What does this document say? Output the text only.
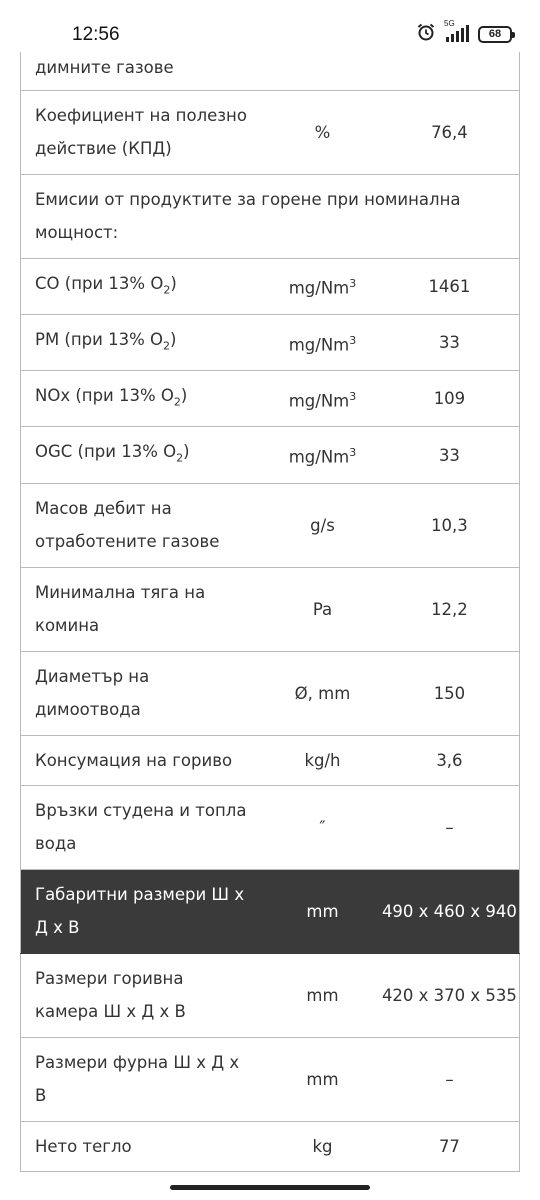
димните газове		
Коефициент на полезно действие (КПД)	%	76,4
Емисии от продуктите за горене при номинална мощност:		
CO (при 13% $O_2$)	mg/Nm$^3$	1461
PM (при 13% $O_2$)	mg/Nm$^3$	33
NOx (при 13% $O_2$)	mg/Nm$^3$	109
OGC (при 13% $O_2$)	mg/Nm$^3$	33
Масов дебит на отработените газове	g/s	10,3
Минимална тяга на комина	Pa	12,2
Диаметър на димоотвода	Ø, mm	150
Консумация на гориво	kg/h	3,6
Връзки студена и топла вода	″	–
Габаритни размери Ш х Д х В	mm	490 х 460 х 940
Размери горивна камера Ш х Д х В	mm	420 х 370 х 535
Размери фурна Ш х Д х В	mm	–
Нето тегло	kg	77
12:56
5G
68
